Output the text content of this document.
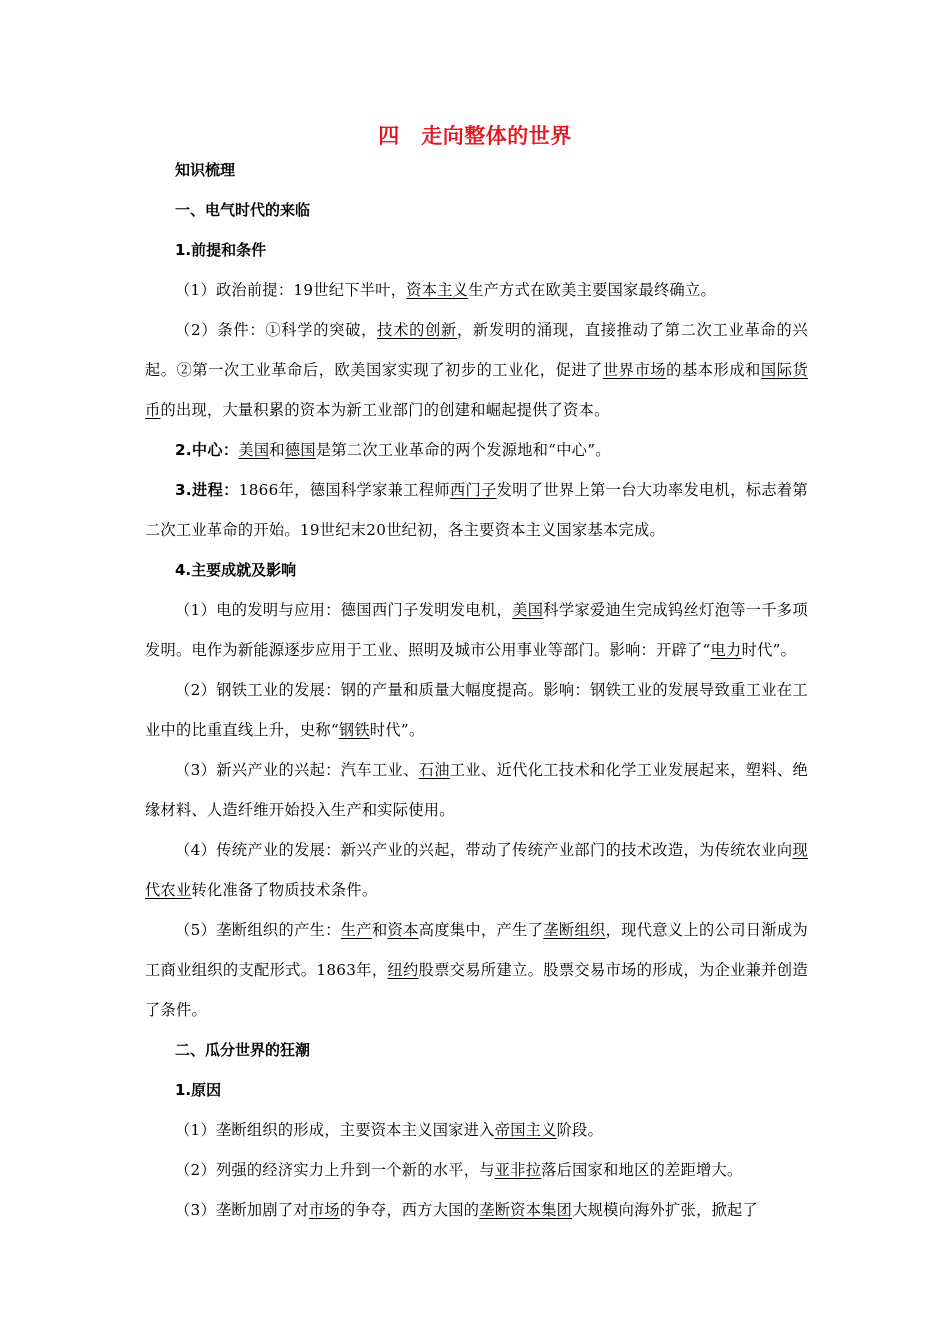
四　走向整体的世界

知识梳理

一、电气时代的来临

1.前提和条件

（1）政治前提：19世纪下半叶，资本主义生产方式在欧美主要国家最终确立。

（2）条件：①科学的突破，技术的创新，新发明的涌现，直接推动了第二次工业革命的兴起。②第一次工业革命后，欧美国家实现了初步的工业化，促进了世界市场的基本形成和国际货币的出现，大量积累的资本为新工业部门的创建和崛起提供了资本。

2.中心：美国和德国是第二次工业革命的两个发源地和“中心”。

3.进程：1866年，德国科学家兼工程师西门子发明了世界上第一台大功率发电机，标志着第二次工业革命的开始。19世纪末20世纪初，各主要资本主义国家基本完成。

4.主要成就及影响

（1）电的发明与应用：德国西门子发明发电机，美国科学家爱迪生完成钨丝灯泡等一千多项发明。电作为新能源逐步应用于工业、照明及城市公用事业等部门。影响：开辟了“电力时代”。

（2）钢铁工业的发展：钢的产量和质量大幅度提高。影响：钢铁工业的发展导致重工业在工业中的比重直线上升，史称“钢铁时代”。

（3）新兴产业的兴起：汽车工业、石油工业、近代化工技术和化学工业发展起来，塑料、绝缘材料、人造纤维开始投入生产和实际使用。

（4）传统产业的发展：新兴产业的兴起，带动了传统产业部门的技术改造，为传统农业向现代农业转化准备了物质技术条件。

（5）垄断组织的产生：生产和资本高度集中，产生了垄断组织，现代意义上的公司日渐成为工商业组织的支配形式。1863年，纽约股票交易所建立。股票交易市场的形成，为企业兼并创造了条件。

二、瓜分世界的狂潮

1.原因

（1）垄断组织的形成，主要资本主义国家进入帝国主义阶段。

（2）列强的经济实力上升到一个新的水平，与亚非拉落后国家和地区的差距增大。

（3）垄断加剧了对市场的争夺，西方大国的垄断资本集团大规模向海外扩张，掀起了
